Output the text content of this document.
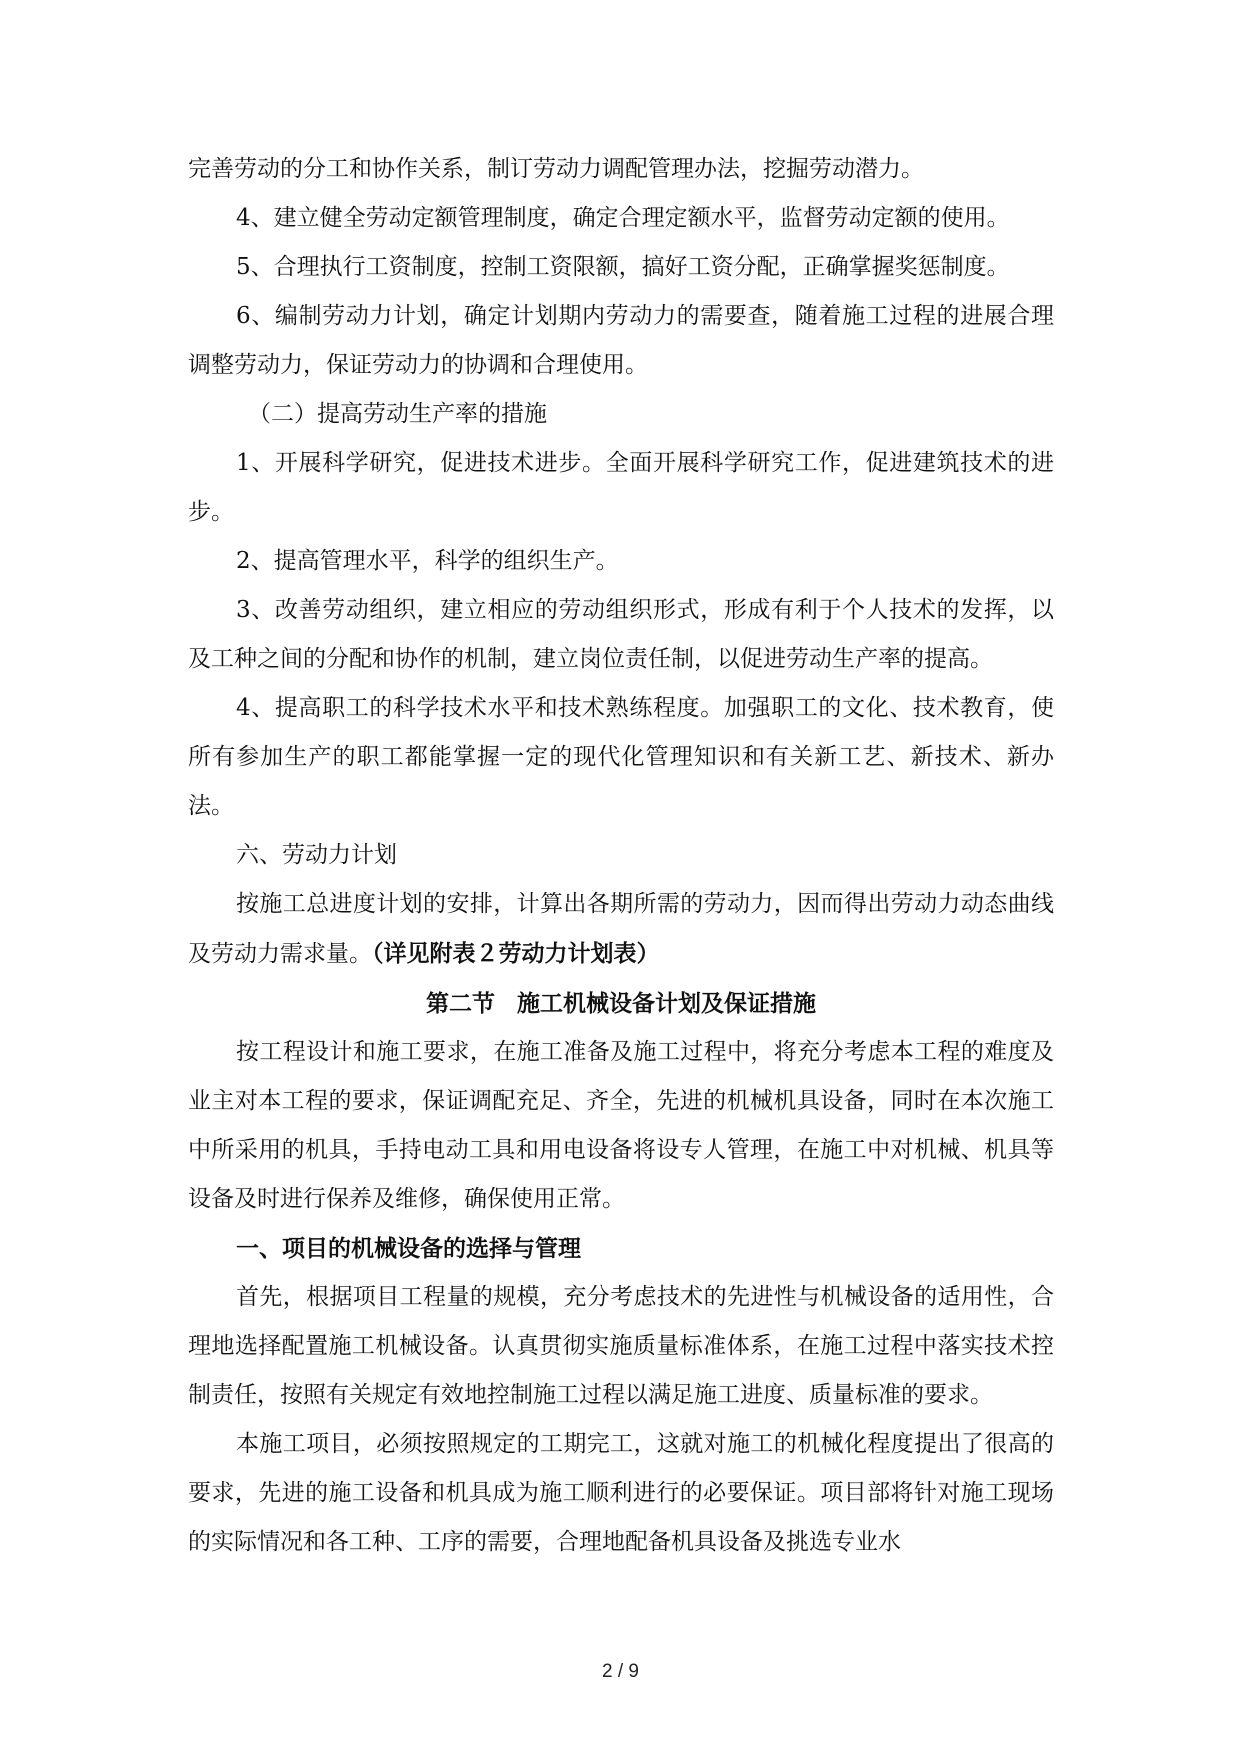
完善劳动的分工和协作关系，制订劳动力调配管理办法，挖掘劳动潜力。

4、建立健全劳动定额管理制度，确定合理定额水平，监督劳动定额的使用。

5、合理执行工资制度，控制工资限额，搞好工资分配，正确掌握奖惩制度。

6、编制劳动力计划，确定计划期内劳动力的需要查，随着施工过程的进展合理调整劳动力，保证劳动力的协调和合理使用。

（二）提高劳动生产率的措施

1、开展科学研究，促进技术进步。全面开展科学研究工作，促进建筑技术的进步。

2、提高管理水平，科学的组织生产。

3、改善劳动组织，建立相应的劳动组织形式，形成有利于个人技术的发挥，以及工种之间的分配和协作的机制，建立岗位责任制，以促进劳动生产率的提高。

4、提高职工的科学技术水平和技术熟练程度。加强职工的文化、技术教育，使所有参加生产的职工都能掌握一定的现代化管理知识和有关新工艺、新技术、新办法。

六、劳动力计划

按施工总进度计划的安排，计算出各期所需的劳动力，因而得出劳动力动态曲线及劳动力需求量。（详见附表２劳动力计划表）

第二节 施工机械设备计划及保证措施

按工程设计和施工要求，在施工准备及施工过程中，将充分考虑本工程的难度及业主对本工程的要求，保证调配充足、齐全，先进的机械机具设备，同时在本次施工中所采用的机具，手持电动工具和用电设备将设专人管理，在施工中对机械、机具等设备及时进行保养及维修，确保使用正常。

一、项目的机械设备的选择与管理

首先，根据项目工程量的规模，充分考虑技术的先进性与机械设备的适用性，合理地选择配置施工机械设备。认真贯彻实施质量标准体系，在施工过程中落实技术控制责任，按照有关规定有效地控制施工过程以满足施工进度、质量标准的要求。

本施工项目，必须按照规定的工期完工，这就对施工的机械化程度提出了很高的要求，先进的施工设备和机具成为施工顺利进行的必要保证。项目部将针对施工现场的实际情况和各工种、工序的需要，合理地配备机具设备及挑选专业水

2 / 9
